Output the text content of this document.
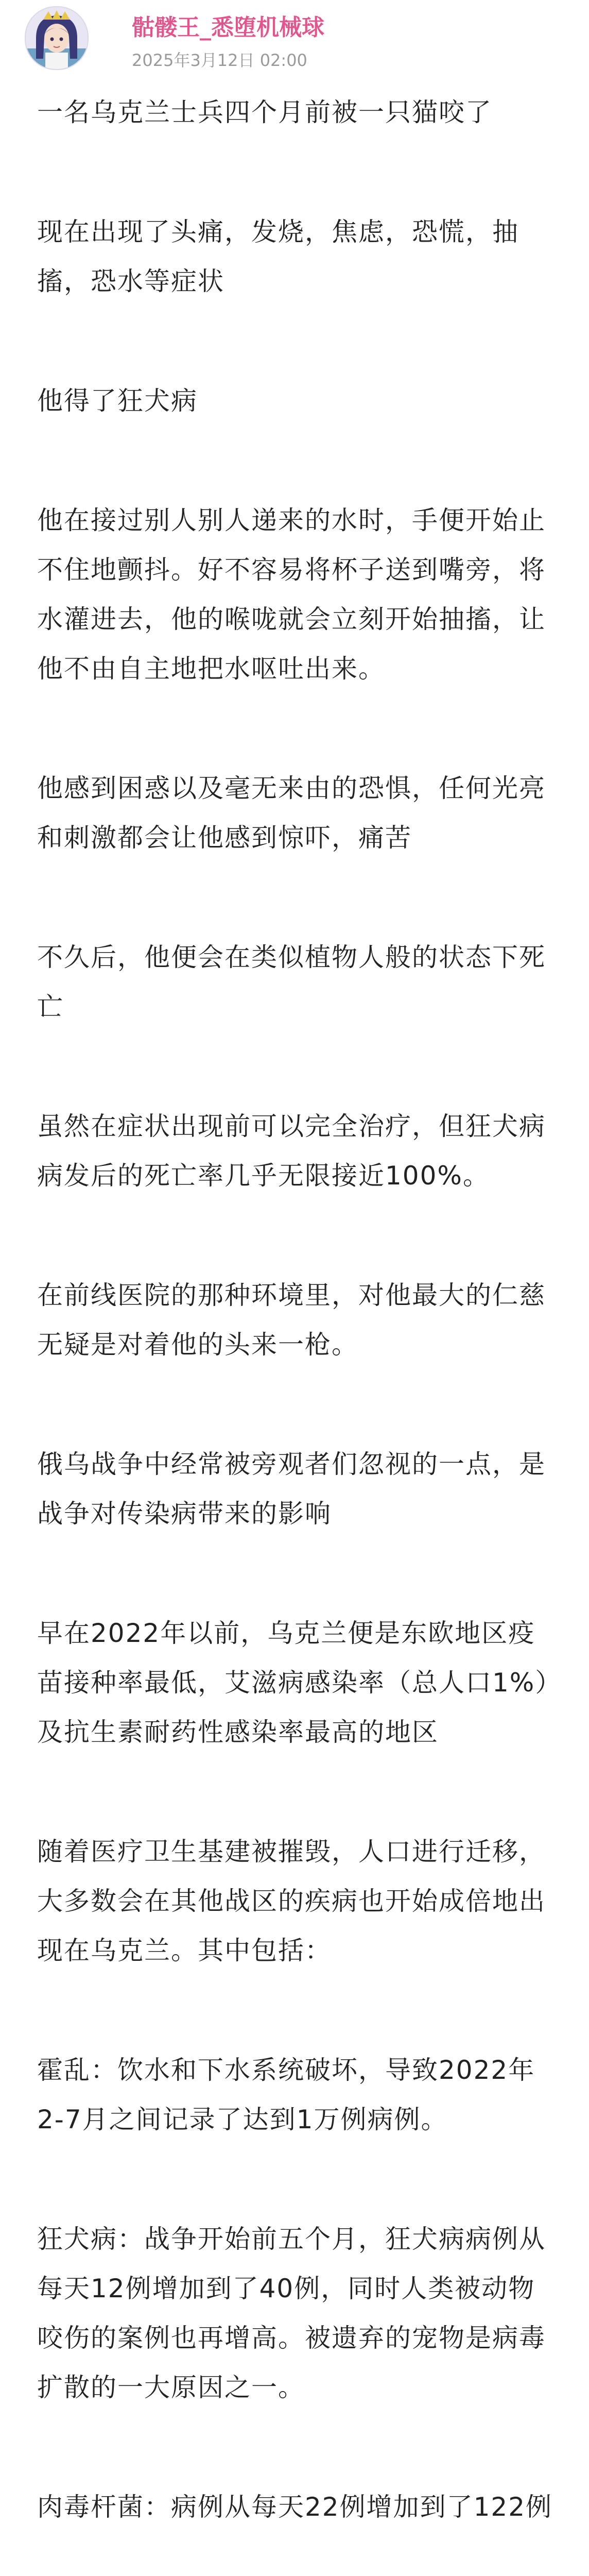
骷髅王_悉堕机械球
2025年3月12日 02:00

一名乌克兰士兵四个月前被一只猫咬了

现在出现了头痛，发烧，焦虑，恐慌，抽搐，恐水等症状

他得了狂犬病

他在接过别人别人递来的水时，手便开始止不住地颤抖。好不容易将杯子送到嘴旁，将水灌进去，他的喉咙就会立刻开始抽搐，让他不由自主地把水呕吐出来。

他感到困惑以及毫无来由的恐惧，任何光亮和刺激都会让他感到惊吓，痛苦

不久后，他便会在类似植物人般的状态下死亡

虽然在症状出现前可以完全治疗，但狂犬病病发后的死亡率几乎无限接近100%。

在前线医院的那种环境里，对他最大的仁慈无疑是对着他的头来一枪。

俄乌战争中经常被旁观者们忽视的一点，是战争对传染病带来的影响

早在2022年以前，乌克兰便是东欧地区疫苗接种率最低，艾滋病感染率（总人口1%）及抗生素耐药性感染率最高的地区

随着医疗卫生基建被摧毁，人口进行迁移，大多数会在其他战区的疾病也开始成倍地出现在乌克兰。其中包括：

霍乱：饮水和下水系统破坏，导致2022年2-7月之间记录了达到1万例病例。

狂犬病：战争开始前五个月，狂犬病病例从每天12例增加到了40例，同时人类被动物咬伤的案例也再增高。被遗弃的宠物是病毒扩散的一大原因之一。

肉毒杆菌：病例从每天22例增加到了122例
